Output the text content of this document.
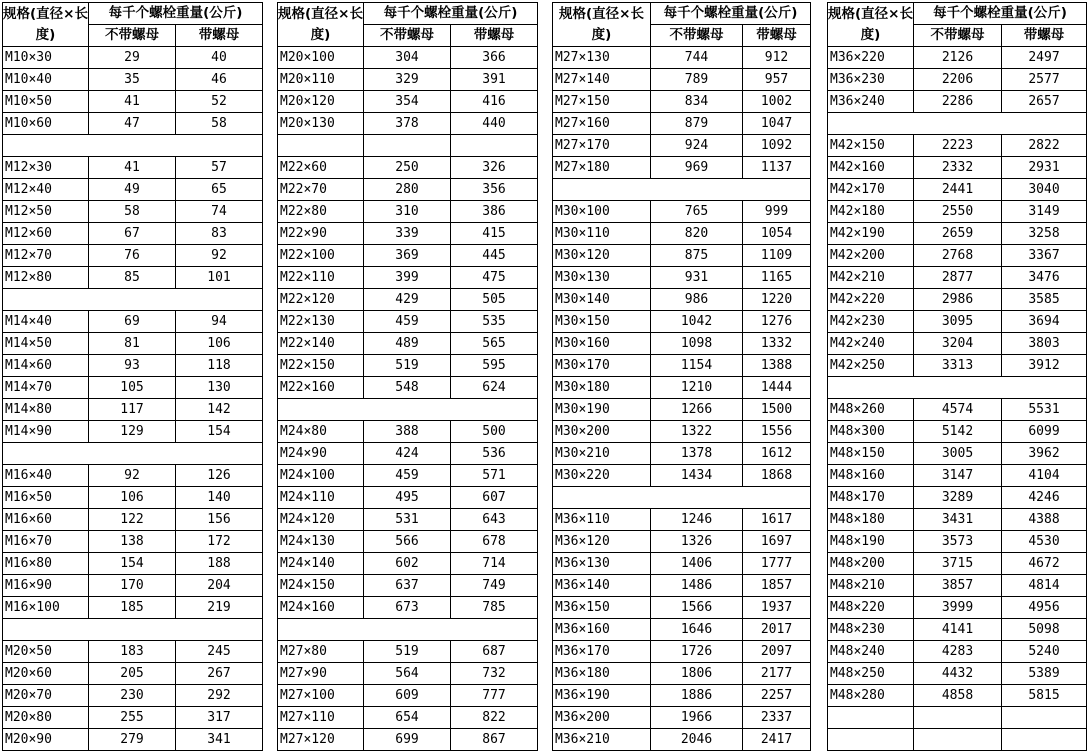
规格(直径×长度)	每千个螺栓重量(公斤)	
	不带螺母	带螺母
M10×30	29	40
M10×40	35	46
M10×50	41	52
M10×60	47	58

M12×30	41	57
M12×40	49	65
M12×50	58	74
M12×60	67	83
M12×70	76	92
M12×80	85	101

M14×40	69	94
M14×50	81	106
M14×60	93	118
M14×70	105	130
M14×80	117	142
M14×90	129	154

M16×40	92	126
M16×50	106	140
M16×60	122	156
M16×70	138	172
M16×80	154	188
M16×90	170	204
M16×100	185	219

M20×50	183	245
M20×60	205	267
M20×70	230	292
M20×80	255	317
M20×90	279	341
规格(直径×长度)	每千个螺栓重量(公斤)	
	不带螺母	带螺母
M20×100	304	366
M20×110	329	391
M20×120	354	416
M20×130	378	440

M22×60	250	326
M22×70	280	356
M22×80	310	386
M22×90	339	415
M22×100	369	445
M22×110	399	475
M22×120	429	505
M22×130	459	535
M22×140	489	565
M22×150	519	595
M22×160	548	624

M24×80	388	500
M24×90	424	536
M24×100	459	571
M24×110	495	607
M24×120	531	643
M24×130	566	678
M24×140	602	714
M24×150	637	749
M24×160	673	785

M27×80	519	687
M27×90	564	732
M27×100	609	777
M27×110	654	822
M27×120	699	867
规格(直径×长度)	每千个螺栓重量(公斤)	
	不带螺母	带螺母
M27×130	744	912
M27×140	789	957
M27×150	834	1002
M27×160	879	1047
M27×170	924	1092
M27×180	969	1137

M30×100	765	999
M30×110	820	1054
M30×120	875	1109
M30×130	931	1165
M30×140	986	1220
M30×150	1042	1276
M30×160	1098	1332
M30×170	1154	1388
M30×180	1210	1444
M30×190	1266	1500
M30×200	1322	1556
M30×210	1378	1612
M30×220	1434	1868

M36×110	1246	1617
M36×120	1326	1697
M36×130	1406	1777
M36×140	1486	1857
M36×150	1566	1937
M36×160	1646	2017
M36×170	1726	2097
M36×180	1806	2177
M36×190	1886	2257
M36×200	1966	2337
M36×210	2046	2417
规格(直径×长度)	每千个螺栓重量(公斤)	
	不带螺母	带螺母
M36×220	2126	2497
M36×230	2206	2577
M36×240	2286	2657

M42×150	2223	2822
M42×160	2332	2931
M42×170	2441	3040
M42×180	2550	3149
M42×190	2659	3258
M42×200	2768	3367
M42×210	2877	3476
M42×220	2986	3585
M42×230	3095	3694
M42×240	3204	3803
M42×250	3313	3912

M48×260	4574	5531
M48×300	5142	6099
M48×150	3005	3962
M48×160	3147	4104
M48×170	3289	4246
M48×180	3431	4388
M48×190	3573	4530
M48×200	3715	4672
M48×210	3857	4814
M48×220	3999	4956
M48×230	4141	5098
M48×240	4283	5240
M48×250	4432	5389
M48×280	4858	5815
